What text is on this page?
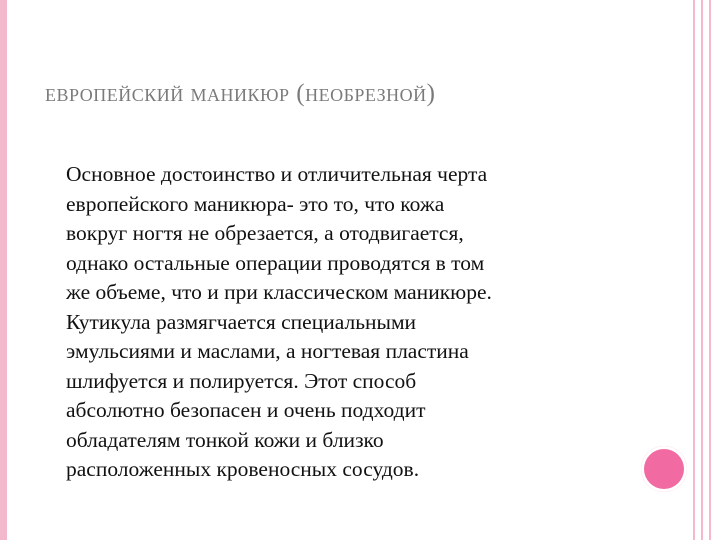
европейский маникюр (необрезной)
Основное достоинство и отличительная черта
европейского маникюра- это то, что кожа
вокруг ногтя не обрезается, а отодвигается,
однако остальные операции проводятся в том
же объеме, что и при классическом маникюре.
Кутикула размягчается специальными
эмульсиями и маслами, а ногтевая пластина
шлифуется и полируется. Этот способ
абсолютно безопасен и очень подходит
обладателям тонкой кожи и близко
расположенных кровеносных сосудов.
